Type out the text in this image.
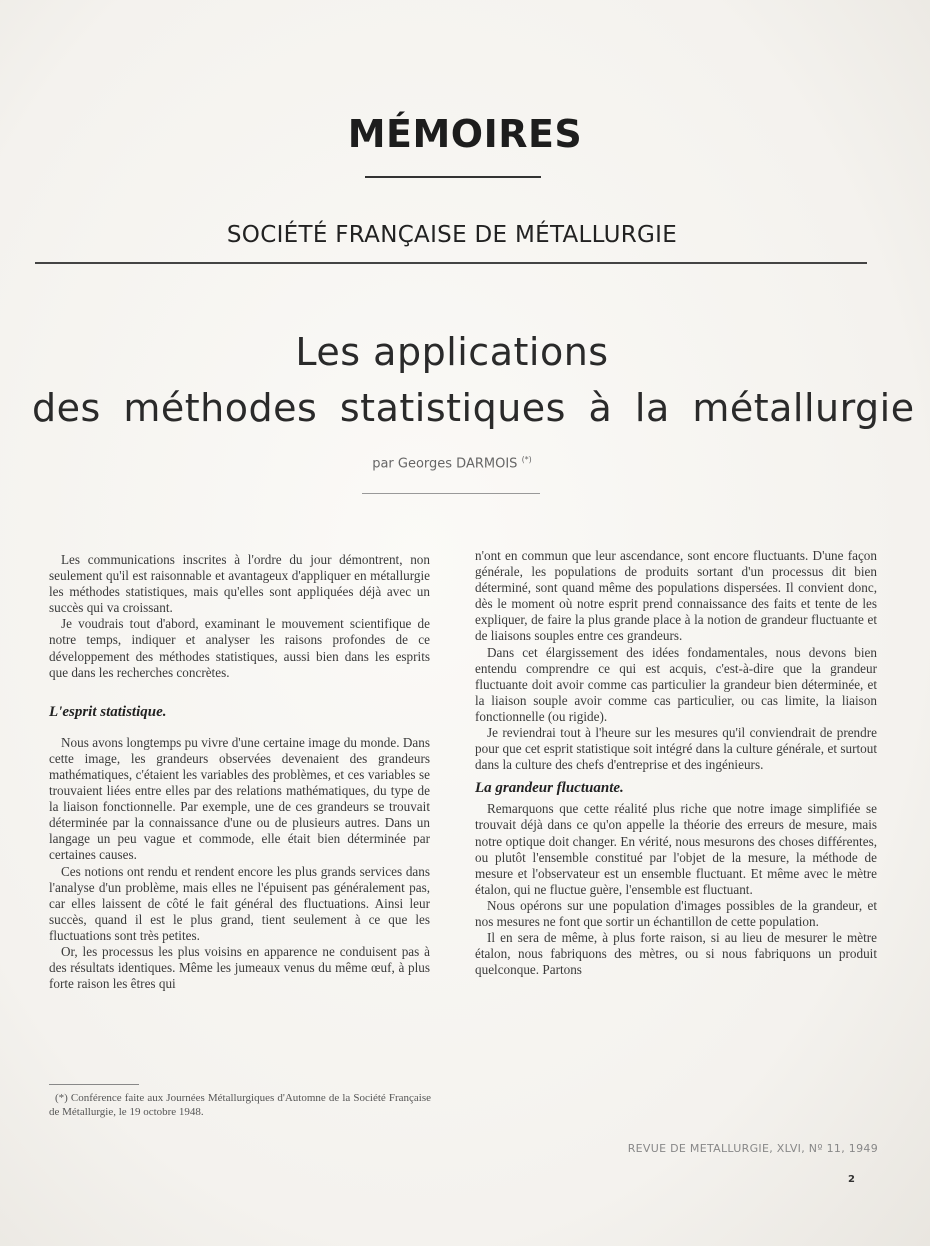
MÉMOIRES
SOCIÉTÉ FRANÇAISE DE MÉTALLURGIE
Les applications
des méthodes statistiques à la métallurgie
par Georges DARMOIS (*)

Les communications inscrites à l'ordre du jour démontrent, non seulement qu'il est raisonnable et avantageux d'appliquer en métallurgie les méthodes statistiques, mais qu'elles sont appliquées déjà avec un succès qui va croissant.

Je voudrais tout d'abord, examinant le mouvement scientifique de notre temps, indiquer et analyser les raisons profondes de ce développement des méthodes statistiques, aussi bien dans les esprits que dans les recherches concrètes.

L'esprit statistique.

Nous avons longtemps pu vivre d'une certaine image du monde. Dans cette image, les grandeurs observées devenaient des grandeurs mathématiques, c'étaient les variables des problèmes, et ces variables se trouvaient liées entre elles par des relations mathématiques, du type de la liaison fonctionnelle. Par exemple, une de ces grandeurs se trouvait déterminée par la connaissance d'une ou de plusieurs autres. Dans un langage un peu vague et commode, elle était bien déterminée par certaines causes.

Ces notions ont rendu et rendent encore les plus grands services dans l'analyse d'un problème, mais elles ne l'épuisent pas généralement pas, car elles laissent de côté le fait général des fluctuations. Ainsi leur succès, quand il est le plus grand, tient seulement à ce que les fluctuations sont très petites.

Or, les processus les plus voisins en apparence ne conduisent pas à des résultats identiques. Même les jumeaux venus du même œuf, à plus forte raison les êtres qui

n'ont en commun que leur ascendance, sont encore fluctuants. D'une façon générale, les populations de produits sortant d'un processus dit bien déterminé, sont quand même des populations dispersées. Il convient donc, dès le moment où notre esprit prend connaissance des faits et tente de les expliquer, de faire la plus grande place à la notion de grandeur fluctuante et de liaisons souples entre ces grandeurs.

Dans cet élargissement des idées fondamentales, nous devons bien entendu comprendre ce qui est acquis, c'est-à-dire que la grandeur fluctuante doit avoir comme cas particulier la grandeur bien déterminée, et la liaison souple avoir comme cas particulier, ou cas limite, la liaison fonctionnelle (ou rigide).

Je reviendrai tout à l'heure sur les mesures qu'il conviendrait de prendre pour que cet esprit statistique soit intégré dans la culture générale, et surtout dans la culture des chefs d'entreprise et des ingénieurs.

La grandeur fluctuante.

Remarquons que cette réalité plus riche que notre image simplifiée se trouvait déjà dans ce qu'on appelle la théorie des erreurs de mesure, mais notre optique doit changer. En vérité, nous mesurons des choses différentes, ou plutôt l'ensemble constitué par l'objet de la mesure, la méthode de mesure et l'observateur est un ensemble fluctuant. Et même avec le mètre étalon, qui ne fluctue guère, l'ensemble est fluctuant.

Nous opérons sur une population d'images possibles de la grandeur, et nos mesures ne font que sortir un échantillon de cette population.

Il en sera de même, à plus forte raison, si au lieu de mesurer le mètre étalon, nous fabriquons des mètres, ou si nous fabriquons un produit quelconque. Partons

(*) Conférence faite aux Journées Métallurgiques d'Automne de la Société Française de Métallurgie, le 19 octobre 1948.
REVUE DE METALLURGIE, XLVI, Nº 11, 1949
2
